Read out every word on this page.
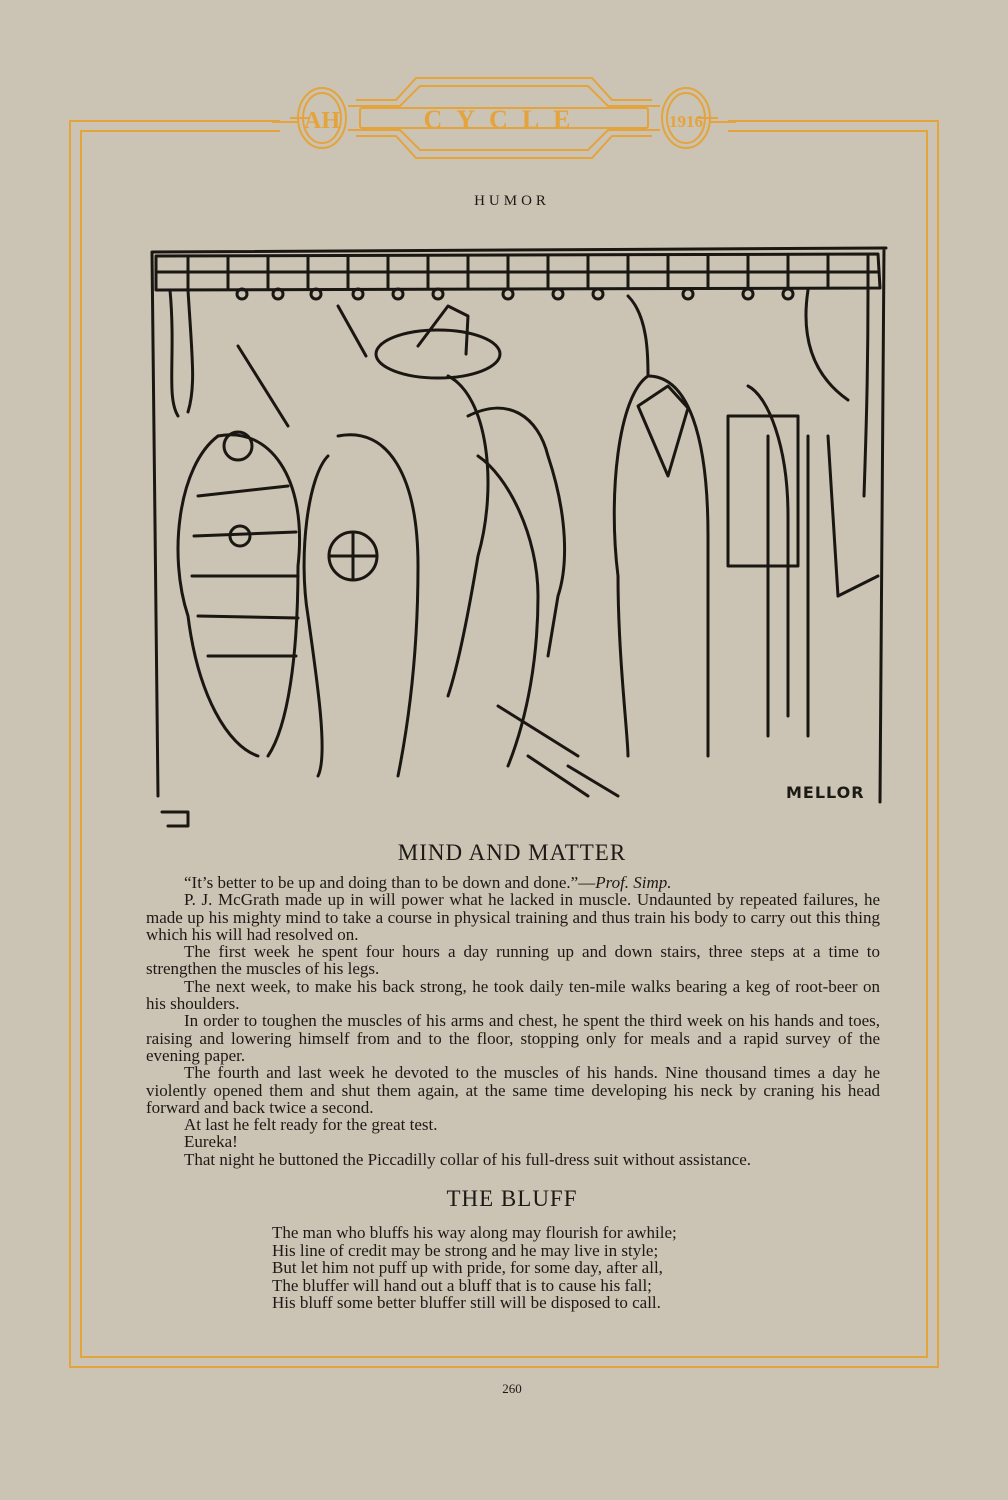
AH	CYCLE	1916
HUMOR
MELLOR
MIND AND MATTER

“It’s better to be up and doing than to be down and done.”—Prof. Simp.

P. J. McGrath made up in will power what he lacked in muscle. Undaunted by repeated failures, he made up his mighty mind to take a course in physical training and thus train his body to carry out this thing which his will had resolved on.

The first week he spent four hours a day running up and down stairs, three steps at a time to strengthen the muscles of his legs.

The next week, to make his back strong, he took daily ten-mile walks bearing a keg of root-beer on his shoulders.

In order to toughen the muscles of his arms and chest, he spent the third week on his hands and toes, raising and lowering himself from and to the floor, stopping only for meals and a rapid survey of the evening paper.

The fourth and last week he devoted to the muscles of his hands. Nine thousand times a day he violently opened them and shut them again, at the same time developing his neck by craning his head forward and back twice a second.

At last he felt ready for the great test.

Eureka!

That night he buttoned the Piccadilly collar of his full-dress suit without assistance.

THE BLUFF
The man who bluffs his way along may flourish for awhile;
His line of credit may be strong and he may live in style;
But let him not puff up with pride, for some day, after all,
The bluffer will hand out a bluff that is to cause his fall;
His bluff some better bluffer still will be disposed to call.
260
